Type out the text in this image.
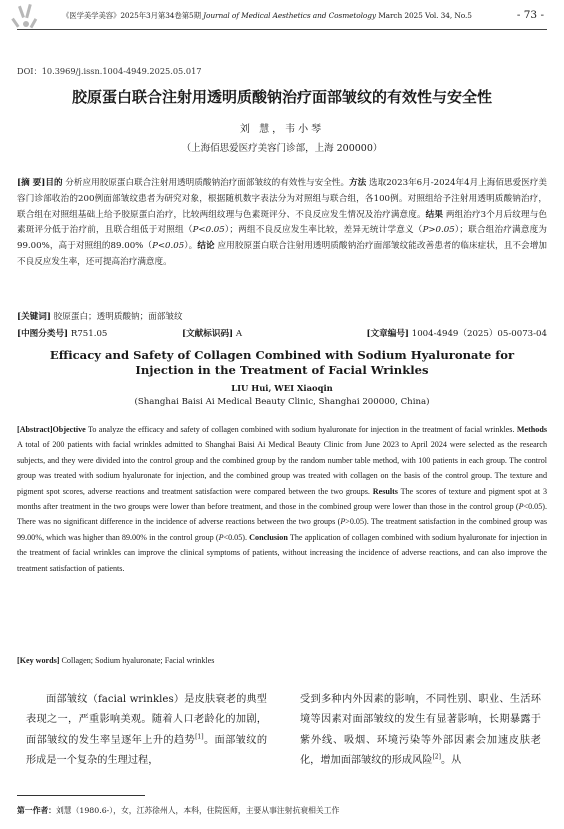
《医学美学美容》2025年3月第34卷第5期 Journal of Medical Aesthetics and Cosmetology March 2025 Vol. 34, No.5	- 73 -
DOI：10.3969/j.issn.1004-4949.2025.05.017
胶原蛋白联合注射用透明质酸钠治疗面部皱纹的有效性与安全性
刘 慧，韦小琴
（上海佰思爱医疗美容门诊部，上海 200000）
[摘 要]目的 分析应用胶原蛋白联合注射用透明质酸钠治疗面部皱纹的有效性与安全性。方法 选取2023年6月-2024年4月上海佰思爱医疗美容门诊部收治的200例面部皱纹患者为研究对象，根据随机数字表法分为对照组与联合组，各100例。对照组给予注射用透明质酸钠治疗，联合组在对照组基础上给予胶原蛋白治疗，比较两组纹理与色素斑评分、不良反应发生情况及治疗满意度。结果 两组治疗3个月后纹理与色素斑评分低于治疗前，且联合组低于对照组（P<0.05）；两组不良反应发生率比较，差异无统计学意义（P>0.05）；联合组治疗满意度为99.00%，高于对照组的89.00%（P<0.05）。结论 应用胶原蛋白联合注射用透明质酸钠治疗面部皱纹能改善患者的临床症状，且不会增加不良反应发生率，还可提高治疗满意度。
[关键词] 胶原蛋白；透明质酸钠；面部皱纹
[中图分类号] R751.05	[文献标识码] A	[文章编号] 1004-4949（2025）05-0073-04
Efficacy and Safety of Collagen Combined with Sodium Hyaluronate for Injection in the Treatment of Facial Wrinkles
LIU Hui, WEI Xiaoqin
(Shanghai Baisi Ai Medical Beauty Clinic, Shanghai 200000, China)
[Abstract]Objective To analyze the efficacy and safety of collagen combined with sodium hyaluronate for injection in the treatment of facial wrinkles. Methods A total of 200 patients with facial wrinkles admitted to Shanghai Baisi Ai Medical Beauty Clinic from June 2023 to April 2024 were selected as the research subjects, and they were divided into the control group and the combined group by the random number table method, with 100 patients in each group. The control group was treated with sodium hyaluronate for injection, and the combined group was treated with collagen on the basis of the control group. The texture and pigment spot scores, adverse reactions and treatment satisfaction were compared between the two groups. Results The scores of texture and pigment spot at 3 months after treatment in the two groups were lower than before treatment, and those in the combined group were lower than those in the control group (P<0.05). There was no significant difference in the incidence of adverse reactions between the two groups (P>0.05). The treatment satisfaction in the combined group was 99.00%, which was higher than 89.00% in the control group (P<0.05). Conclusion The application of collagen combined with sodium hyaluronate for injection in the treatment of facial wrinkles can improve the clinical symptoms of patients, without increasing the incidence of adverse reactions, and can also improve the treatment satisfaction of patients.
[Key words] Collagen; Sodium hyaluronate; Facial wrinkles
面部皱纹（facial wrinkles）是皮肤衰老的典型表现之一，严重影响美观。随着人口老龄化的加剧，面部皱纹的发生率呈逐年上升的趋势[1]。面部皱纹的形成是一个复杂的生理过程，
受到多种内外因素的影响，不同性别、职业、生活环境等因素对面部皱纹的发生有显著影响，长期暴露于紫外线、吸烟、环境污染等外部因素会加速皮肤老化，增加面部皱纹的形成风险[2]。从
第一作者：刘慧（1980.6-），女，江苏徐州人，本科，住院医师，主要从事注射抗衰相关工作
